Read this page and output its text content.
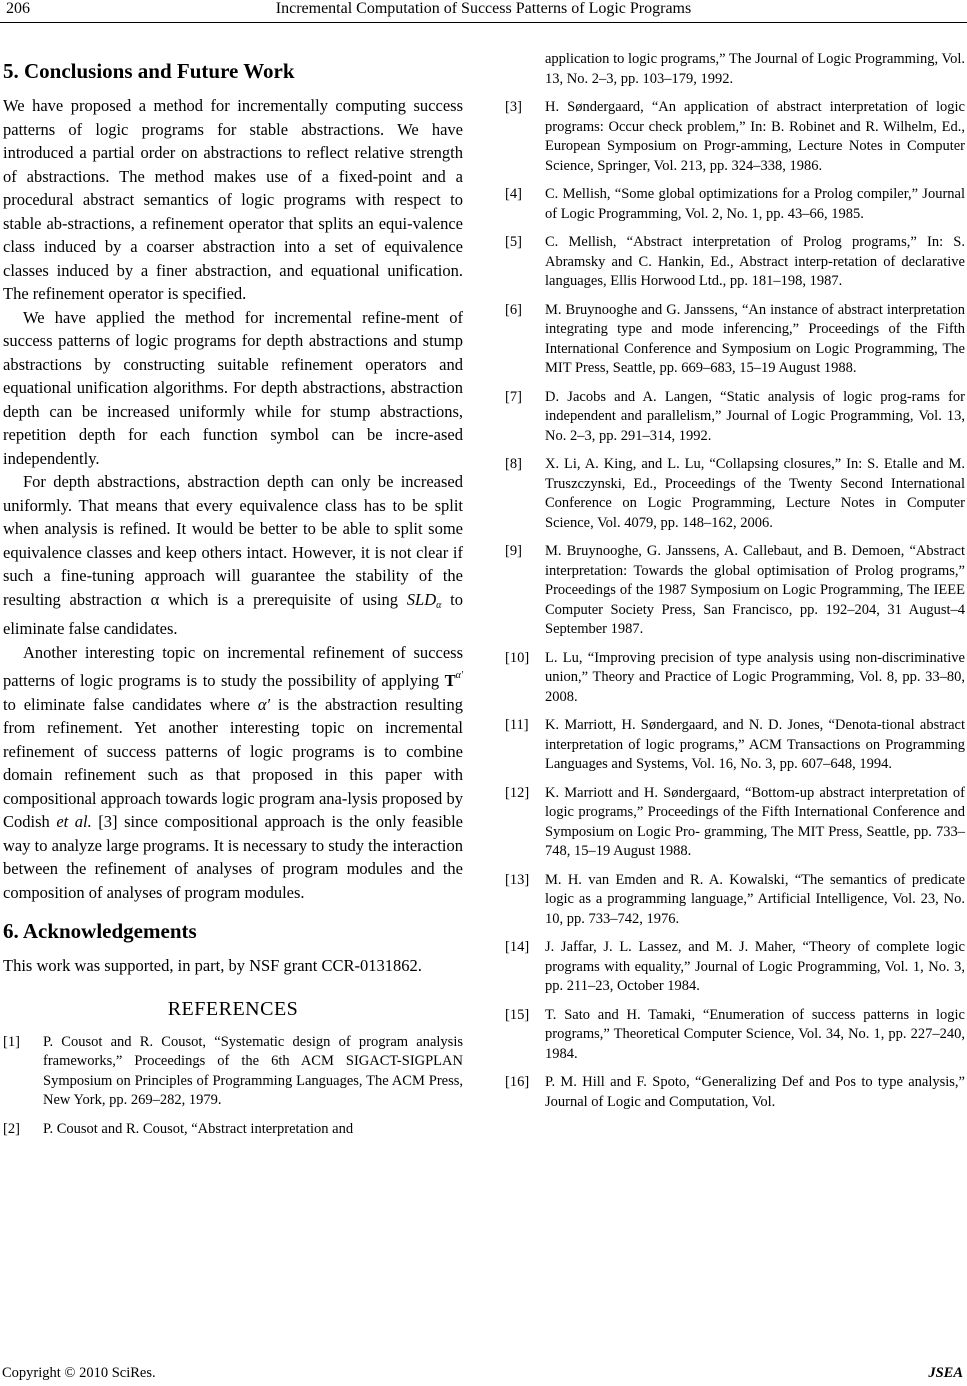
206	Incremental Computation of Success Patterns of Logic Programs
5. Conclusions and Future Work

We have proposed a method for incrementally computing success patterns of logic programs for stable abstractions. We have introduced a partial order on abstractions to reflect relative strength of abstractions. The method makes use of a fixed-point and a procedural abstract semantics of logic programs with respect to stable ab-stractions, a refinement operator that splits an equi-valence class induced by a coarser abstraction into a set of equivalence classes induced by a finer abstraction, and equational unification. The refinement operator is specified.

We have applied the method for incremental refine-ment of success patterns of logic programs for depth abstractions and stump abstractions by constructing suitable refinement operators and equational unification algorithms. For depth abstractions, abstraction depth can be increased uniformly while for stump abstractions, repetition depth for each function symbol can be incre-ased independently.

For depth abstractions, abstraction depth can only be increased uniformly. That means that every equivalence class has to be split when analysis is refined. It would be better to be able to split some equivalence classes and keep others intact. However, it is not clear if such a fine-tuning approach will guarantee the stability of the resulting abstraction α which is a prerequisite of using $SLD_\alpha$ to eliminate false candidates.

Another interesting topic on incremental refinement of success patterns of logic programs is to study the possibility of applying $T^{\alpha'}$ to eliminate false candidates where α′ is the abstraction resulting from refinement. Yet another interesting topic on incremental refinement of success patterns of logic programs is to combine domain refinement such as that proposed in this paper with compositional approach towards logic program ana-lysis proposed by Codish et al. [3] since compositional approach is the only feasible way to analyze large programs. It is necessary to study the interaction between the refinement of analyses of program modules and the composition of analyses of program modules.

6. Acknowledgements

This work was supported, in part, by NSF grant CCR-0131862.

REFERENCES
[1]	P. Cousot and R. Cousot, “Systematic design of program analysis frameworks,” Proceedings of the 6th ACM SIGACT-SIGPLAN Symposium on Principles of Programming Languages, The ACM Press, New York, pp. 269–282, 1979.
[2]	P. Cousot and R. Cousot, “Abstract interpretation and
application to logic programs,” The Journal of Logic Programming, Vol. 13, No. 2–3, pp. 103–179, 1992.
[3]	H. Søndergaard, “An application of abstract interpretation of logic programs: Occur check problem,” In: B. Robinet and R. Wilhelm, Ed., European Symposium on Progr-amming, Lecture Notes in Computer Science, Springer, Vol. 213, pp. 324–338, 1986.
[4]	C. Mellish, “Some global optimizations for a Prolog compiler,” Journal of Logic Programming, Vol. 2, No. 1, pp. 43–66, 1985.
[5]	C. Mellish, “Abstract interpretation of Prolog programs,” In: S. Abramsky and C. Hankin, Ed., Abstract interp-retation of declarative languages, Ellis Horwood Ltd., pp. 181–198, 1987.
[6]	M. Bruynooghe and G. Janssens, “An instance of abstract interpretation integrating type and mode inferencing,” Proceedings of the Fifth International Conference and Symposium on Logic Programming, The MIT Press, Seattle, pp. 669–683, 15–19 August 1988.
[7]	D. Jacobs and A. Langen, “Static analysis of logic prog-rams for independent and parallelism,” Journal of Logic Programming, Vol. 13, No. 2–3, pp. 291–314, 1992.
[8]	X. Li, A. King, and L. Lu, “Collapsing closures,” In: S. Etalle and M. Truszczynski, Ed., Proceedings of the Twenty Second International Conference on Logic Programming, Lecture Notes in Computer Science, Vol. 4079, pp. 148–162, 2006.
[9]	M. Bruynooghe, G. Janssens, A. Callebaut, and B. Demoen, “Abstract interpretation: Towards the global optimisation of Prolog programs,” Proceedings of the 1987 Symposium on Logic Programming, The IEEE Computer Society Press, San Francisco, pp. 192–204, 31 August–4 September 1987.
[10]	L. Lu, “Improving precision of type analysis using non-discriminative union,” Theory and Practice of Logic Programming, Vol. 8, pp. 33–80, 2008.
[11]	K. Marriott, H. Søndergaard, and N. D. Jones, “Denota-tional abstract interpretation of logic programs,” ACM Transactions on Programming Languages and Systems, Vol. 16, No. 3, pp. 607–648, 1994.
[12]	K. Marriott and H. Søndergaard, “Bottom-up abstract interpretation of logic programs,” Proceedings of the Fifth International Conference and Symposium on Logic Pro- gramming, The MIT Press, Seattle, pp. 733–748, 15–19 August 1988.
[13]	M. H. van Emden and R. A. Kowalski, “The semantics of predicate logic as a programming language,” Artificial Intelligence, Vol. 23, No. 10, pp. 733–742, 1976.
[14]	J. Jaffar, J. L. Lassez, and M. J. Maher, “Theory of complete logic programs with equality,” Journal of Logic Programming, Vol. 1, No. 3, pp. 211–23, October 1984.
[15]	T. Sato and H. Tamaki, “Enumeration of success patterns in logic programs,” Theoretical Computer Science, Vol. 34, No. 1, pp. 227–240, 1984.
[16]	P. M. Hill and F. Spoto, “Generalizing Def and Pos to type analysis,” Journal of Logic and Computation, Vol.
Copyright © 2010 SciRes.	JSEA
